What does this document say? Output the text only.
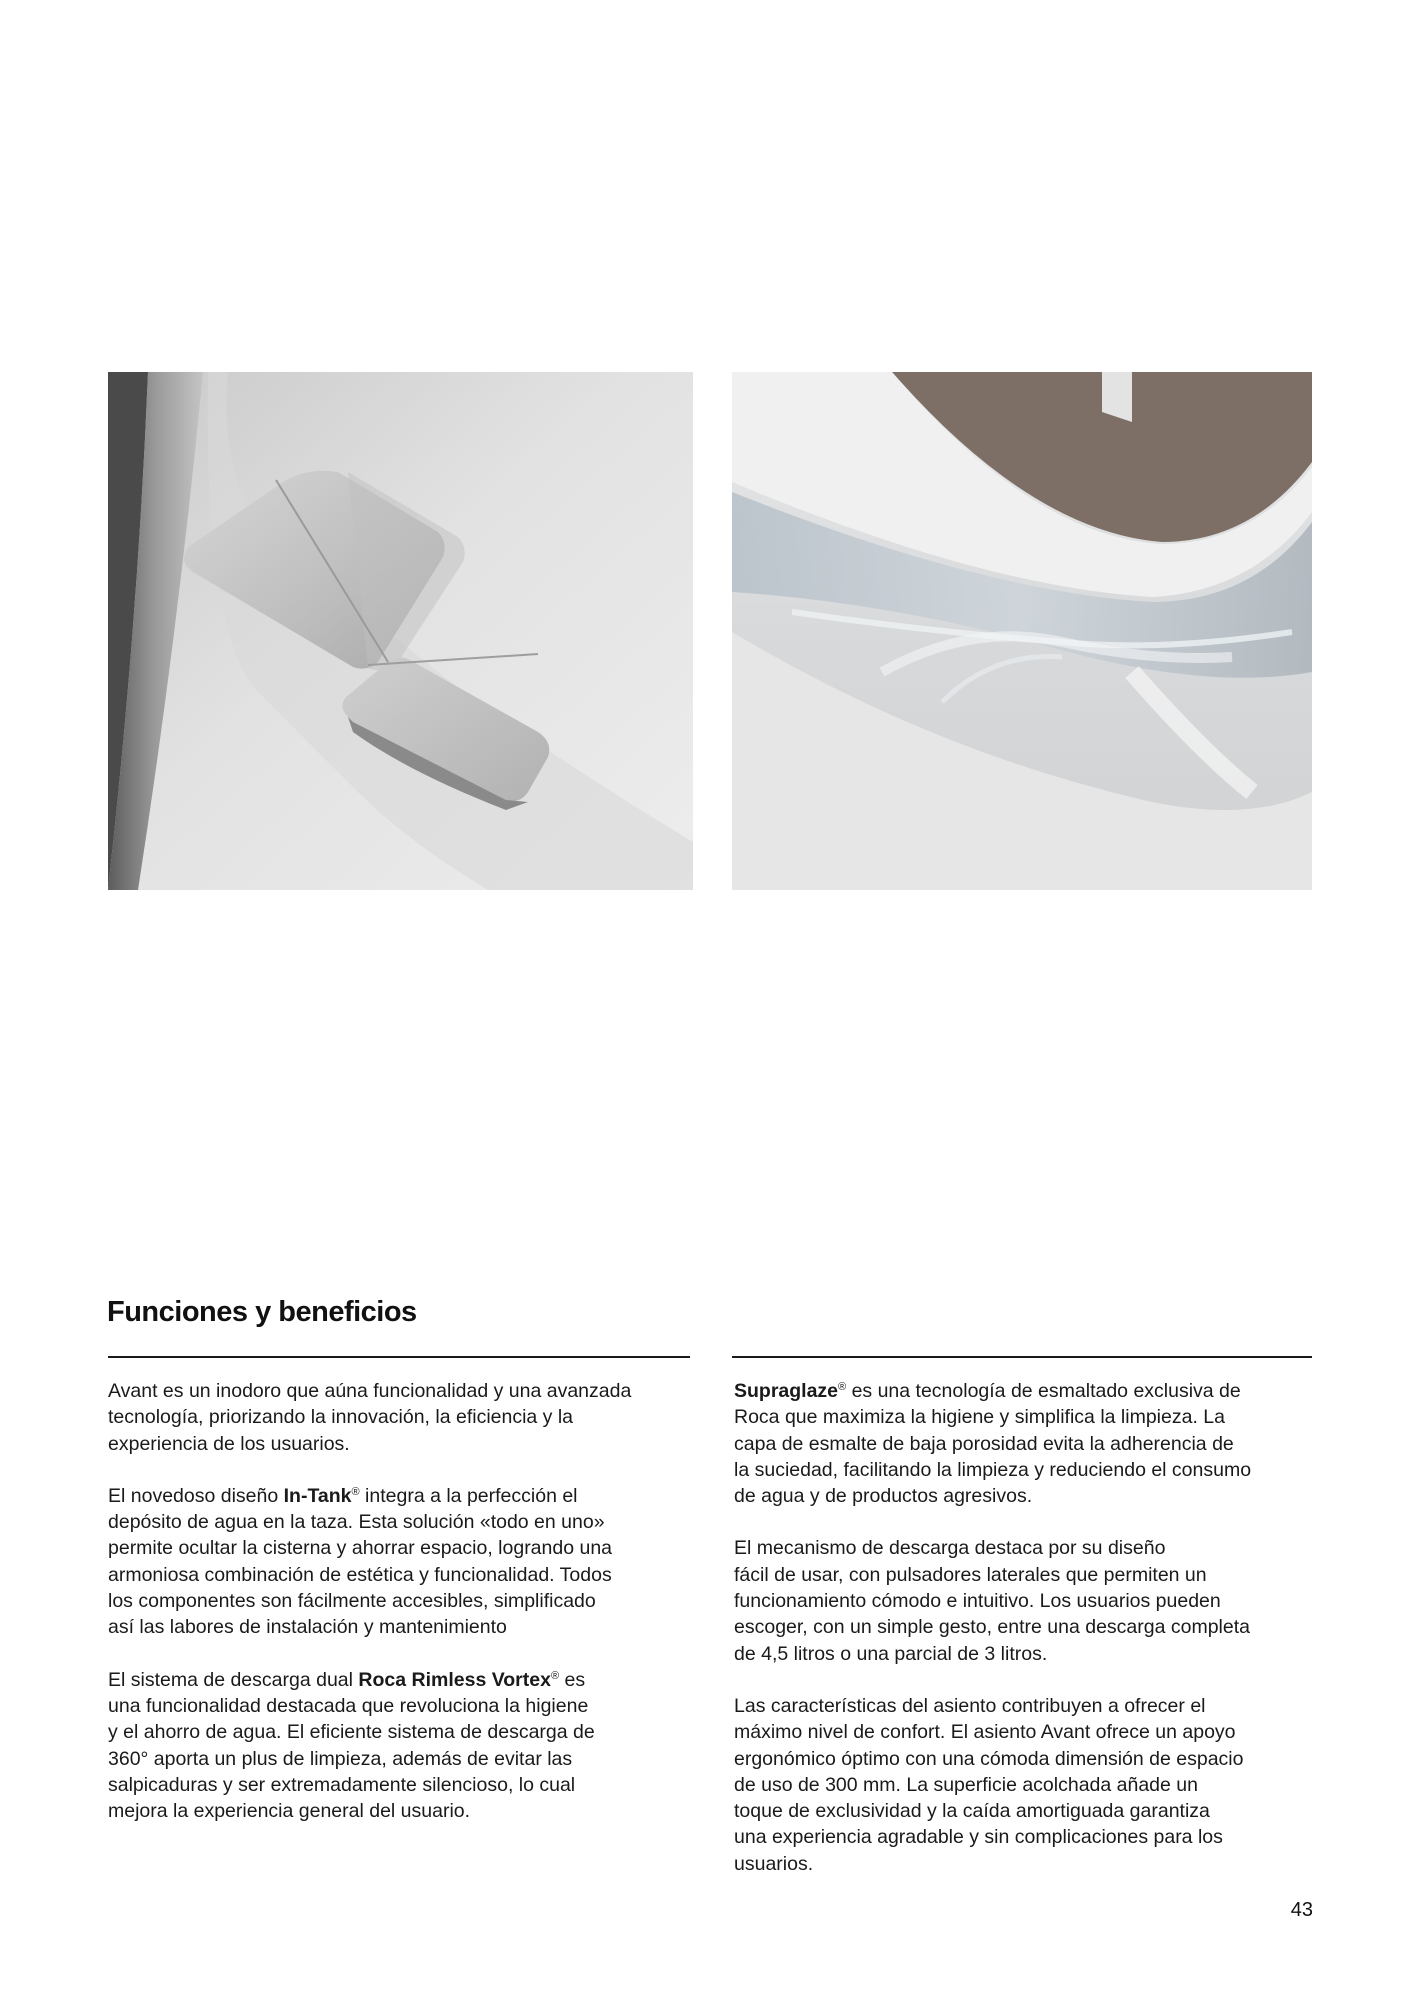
Funciones y beneficios

Avant es un inodoro que aúna funcionalidad y una avanzada
tecnología, priorizando la innovación, la eficiencia y la
experiencia de los usuarios.

El novedoso diseño In-Tank® integra a la perfección el
depósito de agua en la taza. Esta solución «todo en uno»
permite ocultar la cisterna y ahorrar espacio, logrando una
armoniosa combinación de estética y funcionalidad. Todos
los componentes son fácilmente accesibles, simplificado
así las labores de instalación y mantenimiento

El sistema de descarga dual Roca Rimless Vortex® es
una funcionalidad destacada que revoluciona la higiene
y el ahorro de agua. El eficiente sistema de descarga de
360° aporta un plus de limpieza, además de evitar las
salpicaduras y ser extremadamente silencioso, lo cual
mejora la experiencia general del usuario.

Supraglaze® es una tecnología de esmaltado exclusiva de
Roca que maximiza la higiene y simplifica la limpieza. La
capa de esmalte de baja porosidad evita la adherencia de
la suciedad, facilitando la limpieza y reduciendo el consumo
de agua y de productos agresivos.

El mecanismo de descarga destaca por su diseño
fácil de usar, con pulsadores laterales que permiten un
funcionamiento cómodo e intuitivo. Los usuarios pueden
escoger, con un simple gesto, entre una descarga completa
de 4,5 litros o una parcial de 3 litros.

Las características del asiento contribuyen a ofrecer el
máximo nivel de confort. El asiento Avant ofrece un apoyo
ergonómico óptimo con una cómoda dimensión de espacio
de uso de 300 mm. La superficie acolchada añade un
toque de exclusividad y la caída amortiguada garantiza
una experiencia agradable y sin complicaciones para los
usuarios.

43
